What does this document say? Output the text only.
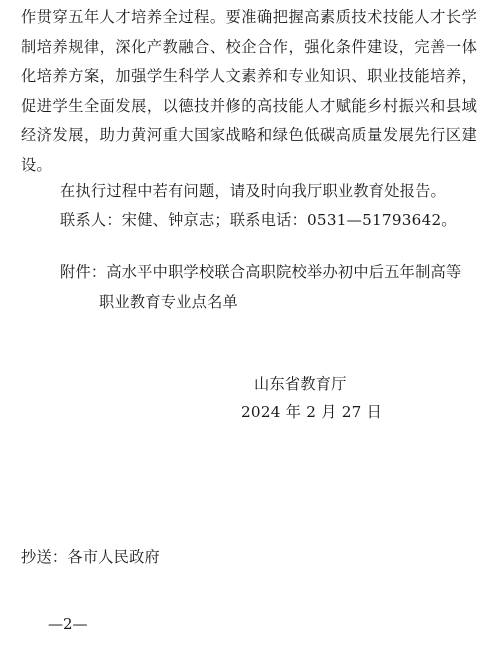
作贯穿五年人才培养全过程。要准确把握高素质技术技能人才长学制培养规律，深化产教融合、校企合作，强化条件建设，完善一体化培养方案，加强学生科学人文素养和专业知识、职业技能培养，促进学生全面发展，以德技并修的高技能人才赋能乡村振兴和县域经济发展，助力黄河重大国家战略和绿色低碳高质量发展先行区建设。

在执行过程中若有问题，请及时向我厅职业教育处报告。

联系人：宋健、钟京志；联系电话：0531—51793642。

附件：高水平中职学校联合高职院校举办初中后五年制高等

职业教育专业点名单

山东省教育厅

2024 年 2 月 27 日

抄送：各市人民政府

—2—
